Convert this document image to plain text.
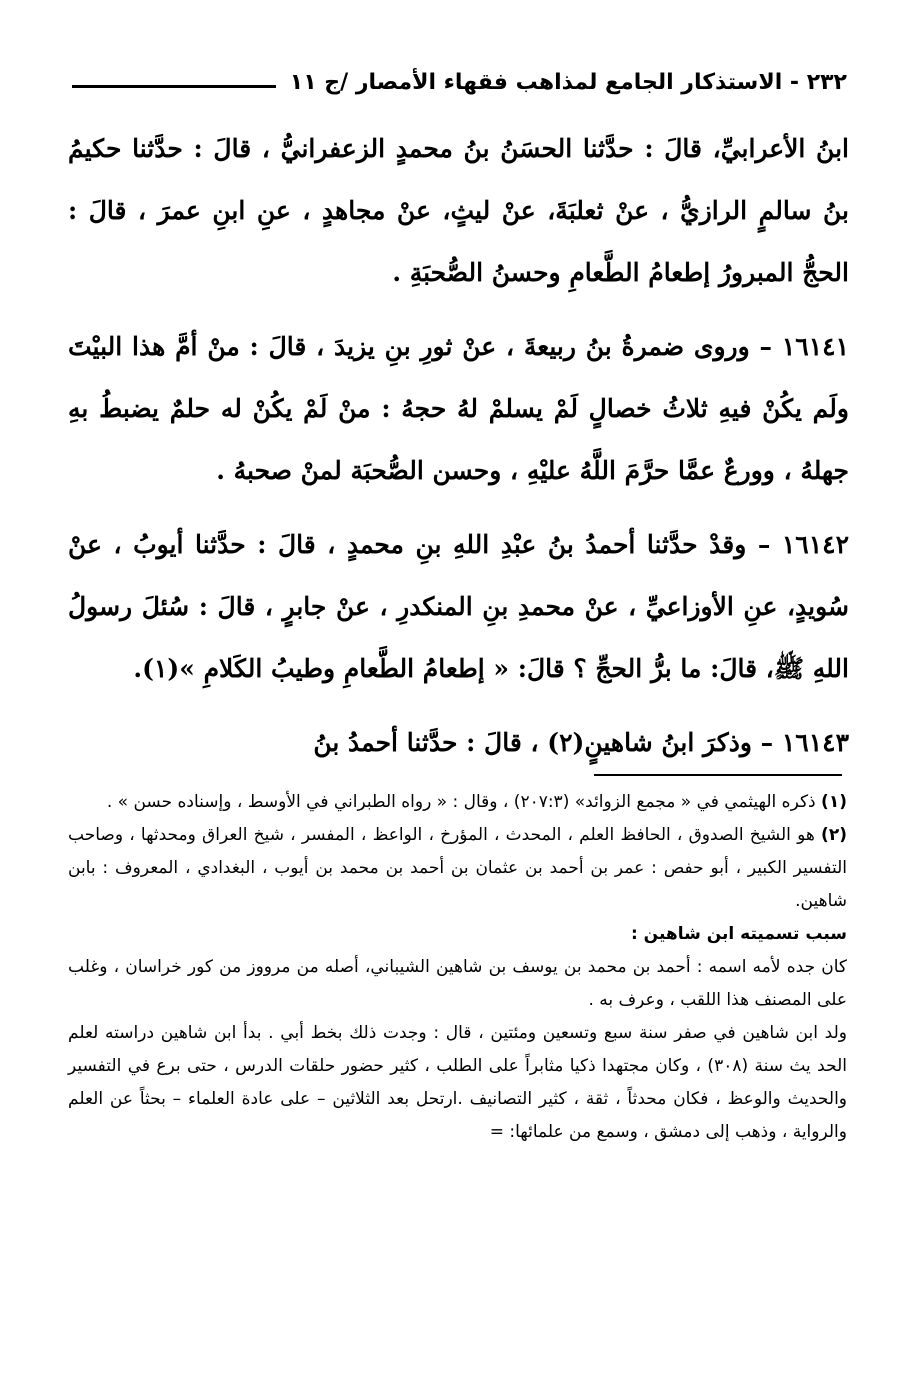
٢٣٢ - الاستذكار الجامع لمذاهب فقهاء الأمصار /ج ١١

ابنُ الأعرابيِّ، قالَ : حدَّثنا الحسَنُ بنُ محمدٍ الزعفرانيُّ ، قالَ : حدَّثنا حكيمُ بنُ سالمٍ الرازيُّ ، عنْ ثعلبَةَ، عنْ ليثٍ، عنْ مجاهدٍ ، عنِ ابنِ عمرَ ، قالَ : الحجُّ المبرورُ إطعامُ الطَّعامِ وحسنُ الصُّحبَةِ .

١٦١٤١ – وروى ضمرةُ بنُ ربيعةَ ، عنْ ثورِ بنِ يزيدَ ، قالَ : منْ أمَّ هذا البيْتَ ولَم يكُنْ فيهِ ثلاثُ خصالٍ لَمْ يسلمْ لهُ حجهُ : منْ لَمْ يكُنْ له حلمٌ يضبطُ بهِ جهلهُ ، وورعٌ عمَّا حرَّمَ اللَّهُ عليْهِ ، وحسن الصُّحبَة لمنْ صحبهُ .

١٦١٤٢ – وقدْ حدَّثنا أحمدُ بنُ عبْدِ اللهِ بنِ محمدٍ ، قالَ : حدَّثنا أيوبُ ، عنْ سُويدٍ، عنِ الأوزاعيِّ ، عنْ محمدِ بنِ المنكدرِ ، عنْ جابرٍ ، قالَ : سُئلَ رسولُ اللهِ ﷺ، قالَ: ما برُّ الحجِّ ؟ قالَ: « إطعامُ الطَّعامِ وطيبُ الكَلامِ »(١).

١٦١٤٣ – وذكرَ ابنُ شاهينٍ(٢) ، قالَ : حدَّثنا أحمدُ بنُ

(١) ذكره الهيثمي في « مجمع الزوائد» (٢٠٧:٣) ، وقال : « رواه الطبراني في الأوسط ، وإسناده حسن » .

(٢) هو الشيخ الصدوق ، الحافظ العلم ، المحدث ، المؤرخ ، الواعظ ، المفسر ، شيخ العراق ومحدثها ، وصاحب التفسير الكبير ، أبو حفص : عمر بن أحمد بن عثمان بن أحمد بن محمد بن أيوب ، البغدادي ، المعروف : بابن شاهين.

سبب تسميته ابن شاهين :

كان جده لأمه اسمه : أحمد بن محمد بن يوسف بن شاهين الشيباني، أصله من مرووز من كور خراسان ، وغلب على المصنف هذا اللقب ، وعرف به .

ولد ابن شاهين في صفر سنة سبع وتسعين ومئتين ، قال : وجدت ذلك بخط أبي . بدأ ابن شاهين دراسته لعلم الحد يث سنة (٣٠٨) ، وكان مجتهدا ذكيا مثابراً على الطلب ، كثير حضور حلقات الدرس ، حتى برع في التفسير والحديث والوعظ ، فكان محدثاً ، ثقة ، كثير التصانيف .ارتحل بعد الثلاثين – على عادة العلماء – بحثاً عن العلم والرواية ، وذهب إلى دمشق ، وسمع من علمائها: =
